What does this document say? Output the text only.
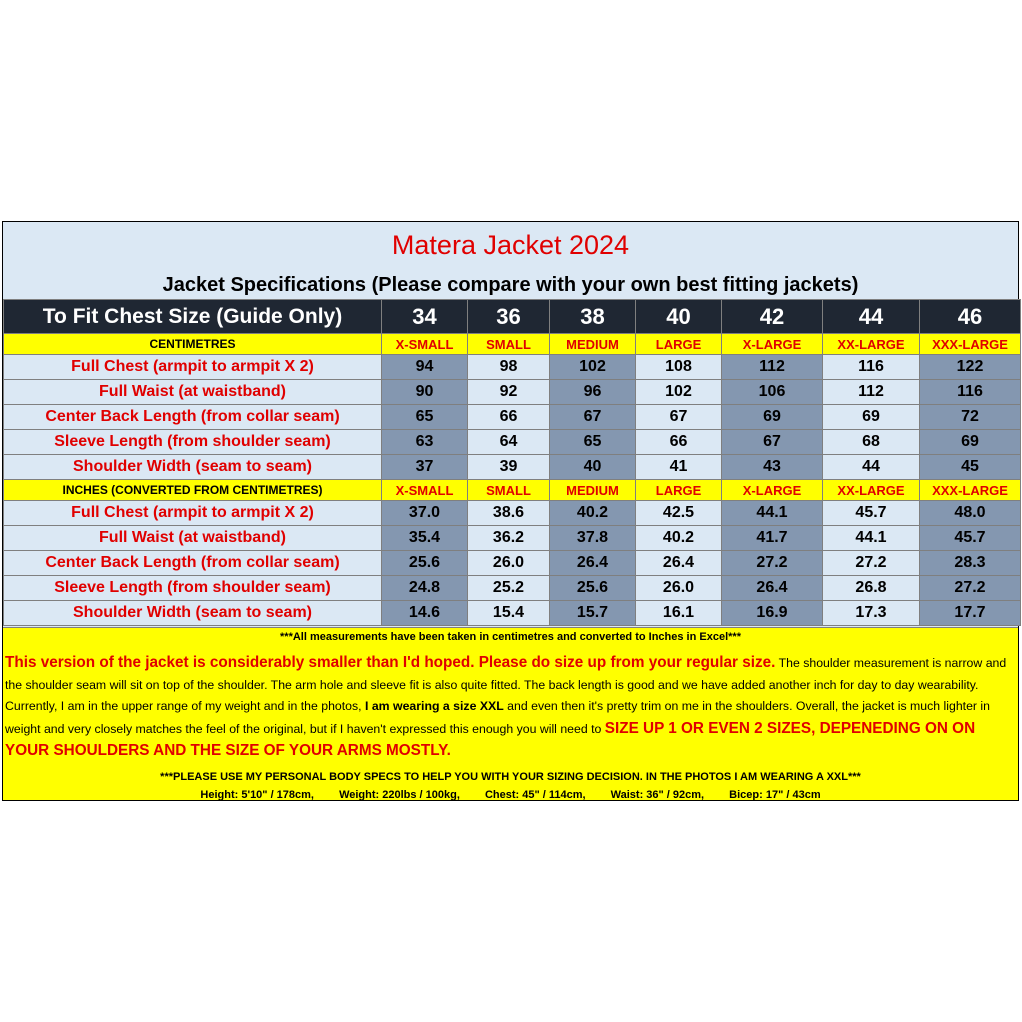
Matera Jacket 2024
Jacket Specifications (Please compare with your own best fitting jackets)
To Fit Chest Size (Guide Only)	34	36	38	40	42	44	46
CENTIMETRES	X-SMALL	SMALL	MEDIUM	LARGE	X-LARGE	XX-LARGE	XXX-LARGE
Full Chest (armpit to armpit X 2)	94	98	102	108	112	116	122
Full Waist (at waistband)	90	92	96	102	106	112	116
Center Back Length (from collar seam)	65	66	67	67	69	69	72
Sleeve Length (from shoulder seam)	63	64	65	66	67	68	69
Shoulder Width (seam to seam)	37	39	40	41	43	44	45
INCHES (CONVERTED FROM CENTIMETRES)	X-SMALL	SMALL	MEDIUM	LARGE	X-LARGE	XX-LARGE	XXX-LARGE
Full Chest (armpit to armpit X 2)	37.0	38.6	40.2	42.5	44.1	45.7	48.0
Full Waist (at waistband)	35.4	36.2	37.8	40.2	41.7	44.1	45.7
Center Back Length (from collar seam)	25.6	26.0	26.4	26.4	27.2	27.2	28.3
Sleeve Length (from shoulder seam)	24.8	25.2	25.6	26.0	26.4	26.8	27.2
Shoulder Width (seam to seam)	14.6	15.4	15.7	16.1	16.9	17.3	17.7
***All measurements have been taken in centimetres and converted to Inches in Excel***
This version of the jacket is considerably smaller than I'd hoped. Please do size up from your regular size. The shoulder measurement is narrow and the shoulder seam will sit on top of the shoulder. The arm hole and sleeve fit is also quite fitted. The back length is good and we have added another inch for day to day wearability. Currently, I am in the upper range of my weight and in the photos, I am wearing a size XXL and even then it's pretty trim on me in the shoulders. Overall, the jacket is much lighter in weight and very closely matches the feel of the original, but if I haven't expressed this enough you will need to SIZE UP 1 OR EVEN 2 SIZES, DEPENEDING ON ON YOUR SHOULDERS AND THE SIZE OF YOUR ARMS MOSTLY.
***PLEASE USE MY PERSONAL BODY SPECS TO HELP YOU WITH YOUR SIZING DECISION. IN THE PHOTOS I AM WEARING A XXL***
Height: 5'10" / 178cm, Weight: 220lbs / 100kg, Chest: 45" / 114cm, Waist: 36" / 92cm, Bicep: 17" / 43cm
